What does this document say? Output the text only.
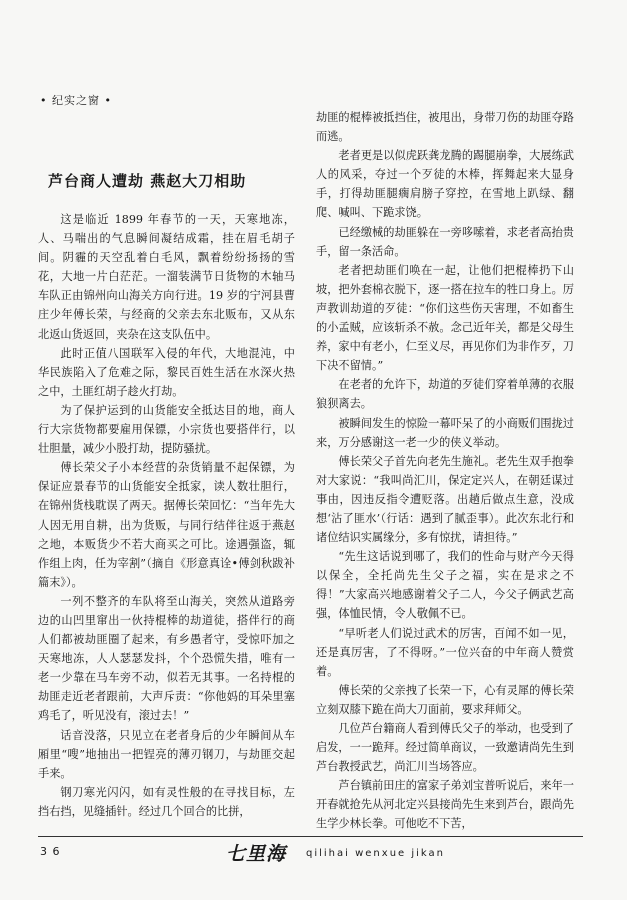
• 纪实之窗 •
芦台商人遭劫 燕赵大刀相助

这是临近 1899 年春节的一天，天寒地冻，人、马喘出的气息瞬间凝结成霜，挂在眉毛胡子间。阴霾的天空乱着白毛风，飘着纷纷扬扬的雪花，大地一片白茫茫。一溜装满节日货物的木轴马车队正由锦州向山海关方向行进。19 岁的宁河县曹庄少年傅长荣，与经商的父亲去东北贩布，又从东北返山货返回，夹杂在这支队伍中。

此时正值八国联军入侵的年代，大地混沌，中华民族陷入了危难之际，黎民百姓生活在水深火热之中，土匪红胡子趁火打劫。

为了保护运到的山货能安全抵达目的地，商人行大宗货物都要雇用保镖，小宗货也要搭伴行，以壮胆量，减少小股打劫，提防骚扰。

傅长荣父子小本经营的杂货销量不起保镖，为保证应景春节的山货能安全抵家，读人数壮胆行，在锦州货栈耽误了两天。据傅长荣回忆：“当年先大人因无用自耕，出为货贩，与同行结伴往返于燕赵之地，本贩货少不若大商买之可比。途遇强盗，辄作组上肉，任为宰割”（摘自《形意真诠•傅剑秋跋补篇末》）。

一列不整齐的车队将至山海关，突然从道路旁边的山凹里窜出一伙持棍棒的劫道徒，搭伴行的商人们都被劫匪圈了起来，有乡愚者守，受惊吓加之天寒地冻，人人瑟瑟发抖，个个恐慌失措，唯有一老一少靠在马车旁不动，似若无其事。一名持棍的劫匪走近老者跟前，大声斥责：“你他妈的耳朵里塞鸡毛了，听见没有，滚过去！”

话音没落，只见立在老者身后的少年瞬间从车厢里“嗖”地抽出一把锃亮的薄刃钢刀，与劫匪交起手来。

钢刀寒光闪闪，如有灵性般的在寻找目标，左挡右挡，见缝插针。经过几个回合的比拼，

劫匪的棍棒被抵挡住，被甩出，身带刀伤的劫匪夺路而逃。

老者更是以似虎跃龚龙腾的踢腿崩拳，大展练武人的风采，夺过一个歹徒的木棒，挥舞起来大显身手，打得劫匪腿瘸肩膀子穿控，在雪地上趴绿、翻爬、喊叫、下跪求饶。

已经缴械的劫匪躲在一旁哆嗦着，求老者高抬贵手，留一条活命。

老者把劫匪们唤在一起，让他们把棍棒扔下山坡，把外套棉衣脱下，逐一搭在拉车的牲口身上。厉声教训劫道的歹徒：“你们这些伤天害理，不如畜生的小孟贼，应该斩杀不赦。念己近年关，都是父母生养，家中有老小，仁至义尽，再见你们为非作歹，刀下决不留情。”

在老者的允许下，劫道的歹徒们穿着单薄的衣服狼狈离去。

被瞬间发生的惊险一幕吓呆了的小商贩们围拢过来，万分感谢这一老一少的侠义举动。

傅长荣父子首先向老先生施礼。老先生双手抱拳对大家说：“我叫尚汇川，保定定兴人，在朝廷谋过事由，因违反指令遭贬落。出趟后做点生意，没成想‘沾了匪水’（行话：遇到了腻歪事）。此次东北行和诸位结识实属缘分，多有惊扰，请担待。”

“先生这话说到哪了，我们的性命与财产今天得以保全，全托尚先生父子之福，实在是求之不得！”大家高兴地感谢着父子二人，今父子俩武艺高强，体恤民情，令人敬佩不已。

“早听老人们说过武术的厉害，百闻不如一见，还是真厉害，了不得呀。”一位兴奋的中年商人赞赏着。

傅长荣的父亲拽了长荣一下，心有灵犀的傅长荣立刻双膝下跪在尚大刀面前，要求拜师父。

几位芦台籍商人看到傅氏父子的举动，也受到了启发，一一跪拜。经过简单商议，一致邀请尚先生到芦台教授武艺，尚汇川当场答应。

芦台镇前田庄的富家子弟刘宝普听说后，来年一开春就抢先从河北定兴县接尚先生来到芦台，跟尚先生学少林长拳。可他吃不下苦，

3 6	七里海 qilihai wenxue jikan
